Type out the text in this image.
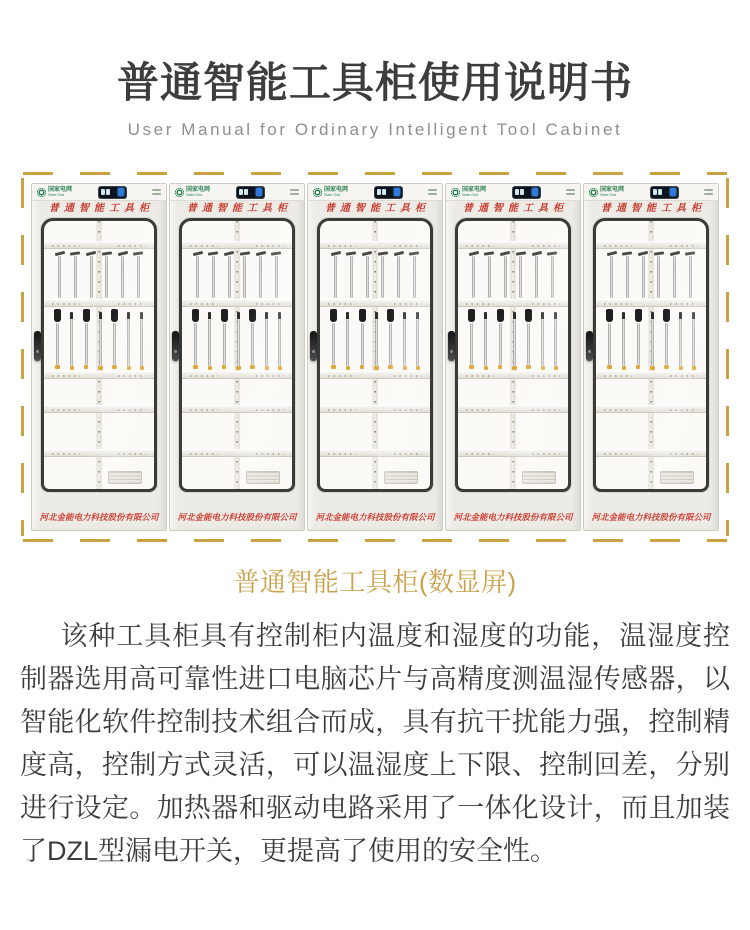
普通智能工具柜使用说明书
User Manual for Ordinary Intelligent Tool Cabinet
国家电网
State Grid
普通智能工具柜
河北金能电力科技股份有限公司
国家电网
State Grid
普通智能工具柜
河北金能电力科技股份有限公司
国家电网
State Grid
普通智能工具柜
河北金能电力科技股份有限公司
国家电网
State Grid
普通智能工具柜
河北金能电力科技股份有限公司
国家电网
State Grid
普通智能工具柜
河北金能电力科技股份有限公司
普通智能工具柜(数显屏)

该种工具柜具有控制柜内温度和湿度的功能，温湿度控制器选用高可靠性进口电脑芯片与高精度测温湿传感器，以智能化软件控制技术组合而成，具有抗干扰能力强，控制精度高，控制方式灵活，可以温湿度上下限、控制回差，分别进行设定。加热器和驱动电路采用了一体化设计，而且加装了DZL型漏电开关，更提高了使用的安全性。
